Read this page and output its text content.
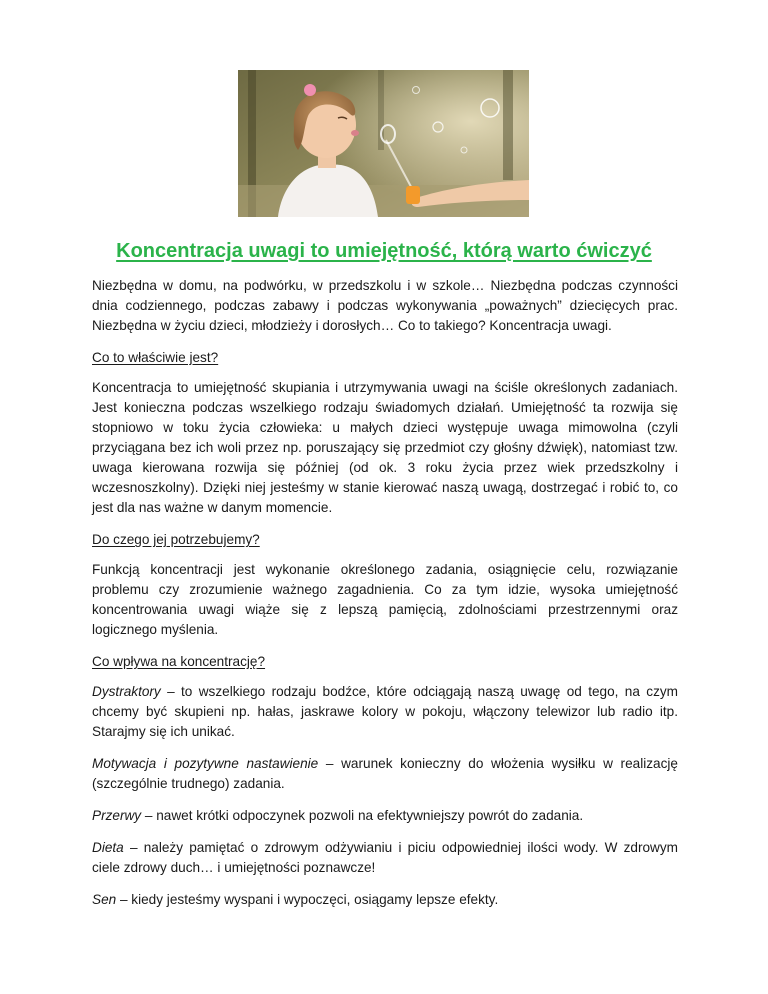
Koncentracja uwagi to umiejętność, którą warto ćwiczyć

Niezbędna w domu, na podwórku, w przedszkolu i w szkole… Niezbędna podczas czynności dnia codziennego, podczas zabawy i podczas wykonywania „poważnych” dziecięcych prac. Niezbędna w życiu dzieci, młodzieży i dorosłych… Co to takiego? Koncentracja uwagi.

Co to właściwie jest?

Koncentracja to umiejętność skupiania i utrzymywania uwagi na ściśle określonych zadaniach. Jest konieczna podczas wszelkiego rodzaju świadomych działań. Umiejętność ta rozwija się stopniowo w toku życia człowieka: u małych dzieci występuje uwaga mimowolna (czyli przyciągana bez ich woli przez np. poruszający się przedmiot czy głośny dźwięk), natomiast tzw. uwaga kierowana rozwija się później (od ok. 3 roku życia przez wiek przedszkolny i wczesnoszkolny). Dzięki niej jesteśmy w stanie kierować naszą uwagą, dostrzegać i robić to, co jest dla nas ważne w danym momencie.

Do czego jej potrzebujemy?

Funkcją koncentracji jest wykonanie określonego zadania, osiągnięcie celu, rozwiązanie problemu czy zrozumienie ważnego zagadnienia. Co za tym idzie, wysoka umiejętność koncentrowania uwagi wiąże się z lepszą pamięcią, zdolnościami przestrzennymi oraz logicznego myślenia.

Co wpływa na koncentrację?

Dystraktory – to wszelkiego rodzaju bodźce, które odciągają naszą uwagę od tego, na czym chcemy być skupieni np. hałas, jaskrawe kolory w pokoju, włączony telewizor lub radio itp. Starajmy się ich unikać.

Motywacja i pozytywne nastawienie – warunek konieczny do włożenia wysiłku w realizację (szczególnie trudnego) zadania.

Przerwy – nawet krótki odpoczynek pozwoli na efektywniejszy powrót do zadania.

Dieta – należy pamiętać o zdrowym odżywianiu i piciu odpowiedniej ilości wody. W zdrowym ciele zdrowy duch… i umiejętności poznawcze!

Sen – kiedy jesteśmy wyspani i wypoczęci, osiągamy lepsze efekty.
